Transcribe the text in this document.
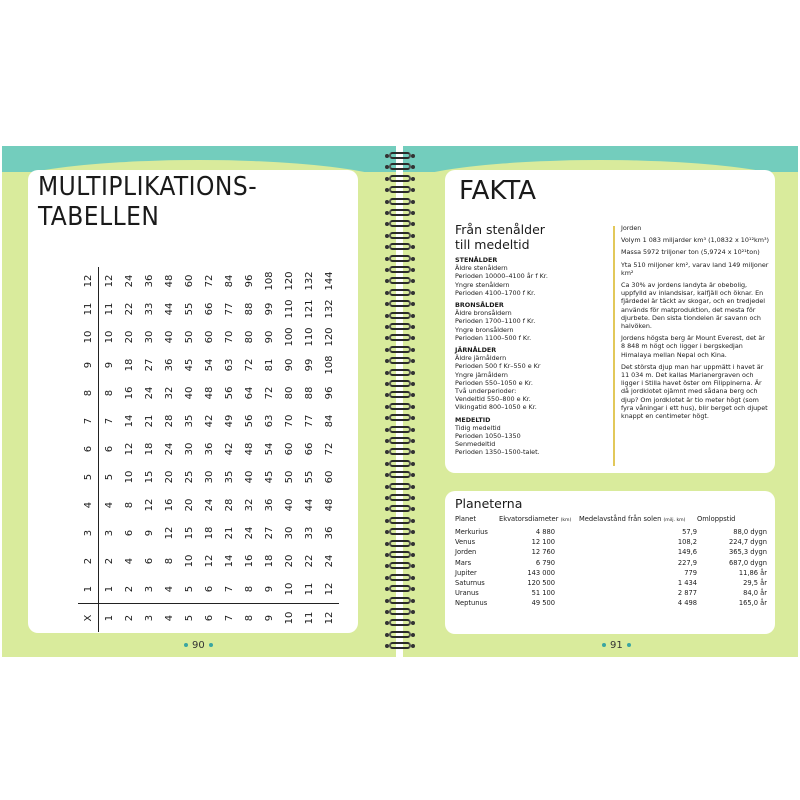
MULTIPLIKATIONS-
TABELLEN
X	1	2	3	4	5	6	7	8	9	10	11	12
1	1	2	3	4	5	6	7	8	9	10	11	12
2	2	4	6	8	10	12	14	16	18	20	22	24
3	3	6	9	12	15	18	21	24	27	30	33	36
4	4	8	12	16	20	24	28	32	36	40	44	48
5	5	10	15	20	25	30	35	40	45	50	55	60
6	6	12	18	24	30	36	42	48	54	60	66	72
7	7	14	21	28	35	42	49	56	63	70	77	84
8	8	16	24	32	40	48	56	64	72	80	88	96
9	9	18	27	36	45	54	63	72	81	90	99	108
10	10	20	30	40	50	60	70	80	90	100	110	120
11	11	22	33	44	55	66	77	88	99	110	121	132
12	12	24	36	48	60	72	84	96	108	120	132	144
90
FAKTA
Från stenålder
till medeltid
STENÅLDER
Äldre stenåldern
Perioden 10000–4100 år f Kr.
Yngre stenåldern
Perioden 4100–1700 f Kr.
BRONSÅLDER
Äldre bronsåldern
Perioden 1700–1100 f Kr.
Yngre bronsåldern
Perioden 1100–500 f Kr.
JÄRNÅLDER
Äldre järnåldern
Perioden 500 f Kr–550 e Kr
Yngre järnåldern
Perioden 550–1050 e Kr.
Två underperioder:
Vendeltid 550–800 e Kr.
Vikingatid 800–1050 e Kr.
MEDELTID
Tidig medeltid
Perioden 1050–1350
Senmedeltid
Perioden 1350–1500-talet.

Jorden

Volym 1 083 miljarder km³ (1,0832 x 10¹²km³)

Massa 5972 triljoner ton (5,9724 x 10²¹ton)

Yta 510 miljoner km², varav land 149 miljoner km²

Ca 30% av jordens landyta är obebolig, uppfylld av inlandsisar, kalfjäll och öknar. En fjärdedel är täckt av skogar, och en tredjedel används för matproduktion, det mesta för djurbete. Den sista tiondelen är savann och halvöken.

Jordens högsta berg är Mount Everest, det är 8 848 m högt och ligger i bergskedjan Himalaya mellan Nepal och Kina.

Det största djup man har uppmätt i havet är 11 034 m. Det kallas Marianergraven och ligger i Stilla havet öster om Filippinerna. Är då jordklotet ojämnt med sådana berg och djup? Om jordklotet är tio meter högt (som fyra våningar i ett hus), blir berget och djupet knappt en centimeter högt.

Planeterna
Planet	Ekvatorsdiameter (km)	Medelavstånd från solen (milj. km)	Omloppstid
Merkurius	4 880	57,9	88,0 dygn
Venus	12 100	108,2	224,7 dygn
Jorden	12 760	149,6	365,3 dygn
Mars	6 790	227,9	687,0 dygn
Jupiter	143 000	779	11,86 år
Saturnus	120 500	1 434	29,5 år
Uranus	51 100	2 877	84,0 år
Neptunus	49 500	4 498	165,0 år
91
